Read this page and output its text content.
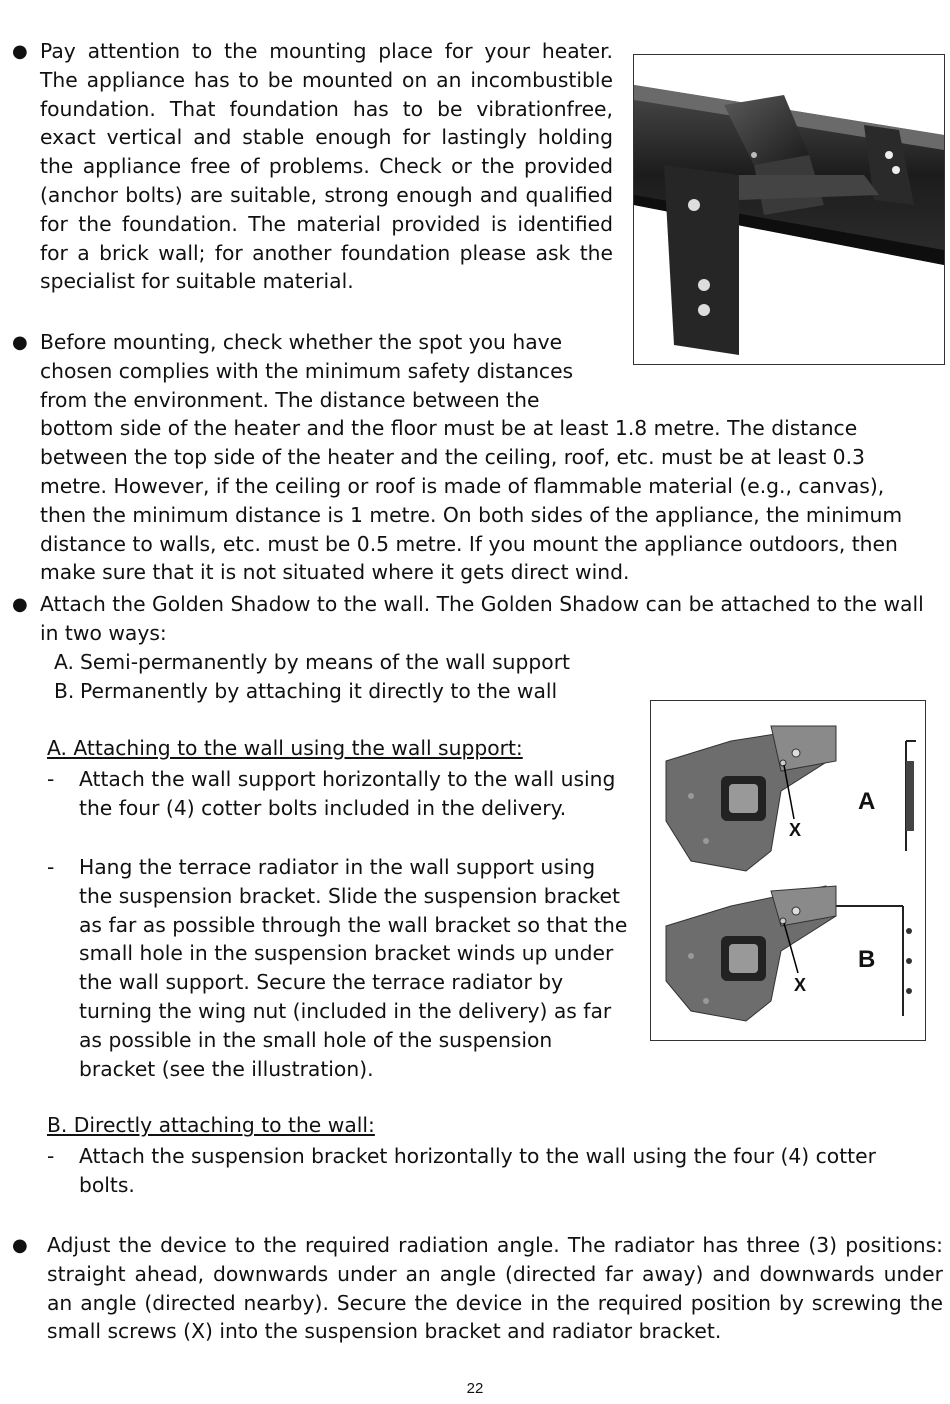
● Pay attention to the mounting place for your heater. The appliance has to be mounted on an incombustible foundation. That foundation has to be vibrationfree, exact vertical and stable enough for lastingly holding the appliance free of problems. Check or the provided (anchor bolts) are suitable, strong enough and qualified for the foundation. The material provided is identified for a brick wall; for another foundation please ask the specialist for suitable material.
● Before mounting, check whether the spot you have chosen complies with the minimum safety distances from the environment. The distance between the bottom side of the heater and the floor must be at least 1.8 metre. The distance between the top side of the heater and the ceiling, roof, etc. must be at least 0.3 metre. However, if the ceiling or roof is made of flammable material (e.g., canvas), then the minimum distance is 1 metre. On both sides of the appliance, the minimum distance to walls, etc. must be 0.5 metre. If you mount the appliance outdoors, then make sure that it is not situated where it gets direct wind.
● Attach the Golden Shadow to the wall. The Golden Shadow can be attached to the wall in two ways:
A. Semi-permanently by means of the wall support
B. Permanently by attaching it directly to the wall
A. Attaching to the wall using the wall support:
- Attach the wall support horizontally to the wall using the four (4) cotter bolts included in the delivery.
- Hang the terrace radiator in the wall support using the suspension bracket. Slide the suspension bracket as far as possible through the wall bracket so that the small hole in the suspension bracket winds up under the wall support. Secure the terrace radiator by turning the wing nut (included in the delivery) as far as possible in the small hole of the suspension bracket (see the illustration).
A
X
B
X
B. Directly attaching to the wall:
- Attach the suspension bracket horizontally to the wall using the four (4) cotter bolts.
● Adjust the device to the required radiation angle. The radiator has three (3) positions: straight ahead, downwards under an angle (directed far away) and downwards under an angle (directed nearby). Secure the device in the required position by screwing the small screws (X) into the suspension bracket and radiator bracket.
22
